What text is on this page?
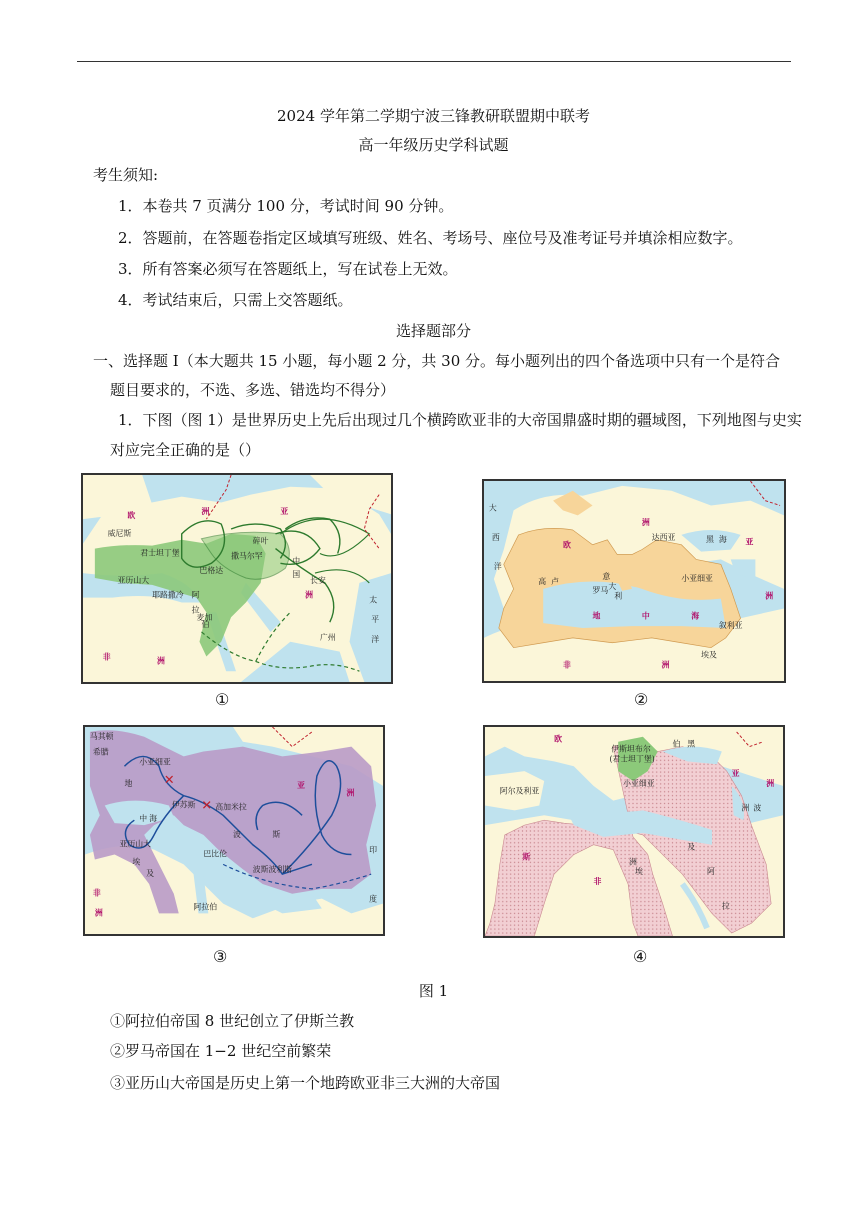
2024 学年第二学期宁波三锋教研联盟期中联考
高一年级历史学科试题
考生须知:
1．本卷共 7 页满分 100 分，考试时间 90 分钟。
2．答题前，在答题卷指定区域填写班级、姓名、考场号、座位号及准考证号并填涂相应数字。
3．所有答案必须写在答题纸上，写在试卷上无效。
4．考试结束后，只需上交答题纸。
选择题部分
一、选择题 I（本大题共 15 小题，每小题 2 分，共 30 分。每小题列出的四个备选项中只有一个是符合
题目要求的，不选、多选、错选均不得分）
1．下图（图 1）是世界历史上先后出现过几个横跨欧亚非的大帝国鼎盛时期的疆域图，下列地图与史实
对应完全正确的是（）
欧	洲	亚
洲
非	洲
太
平
洋
威尼斯
君士坦丁堡
亚历山大
耶路撒冷
巴格达
撒马尔罕
碎叶
中
国
长安
广州
麦加
阿
拉
伯
①
大
西
洋
欧
洲
高 卢
意
大
利
罗马
地	中	海
小亚细亚
叙利亚
埃及
非	洲
亚
洲
黑 海
达西亚
②
✕
✕
马其顿
希腊
小亚细亚
伊苏斯 高加米拉
亚历山大
埃
及
巴比伦
波	斯
亚
洲
阿拉伯
非
洲
印
度
地
中 海
波斯波利斯
③
伊斯坦布尔
(君士坦丁堡)
小亚细亚
阿尔及利亚
欧
洲
亚
洲 波
斯
非
洲
埃
及
阿
拉
伯 黑
④
图 1
①阿拉伯帝国 8 世纪创立了伊斯兰教
②罗马帝国在 1−2 世纪空前繁荣
③亚历山大帝国是历史上第一个地跨欧亚非三大洲的大帝国
